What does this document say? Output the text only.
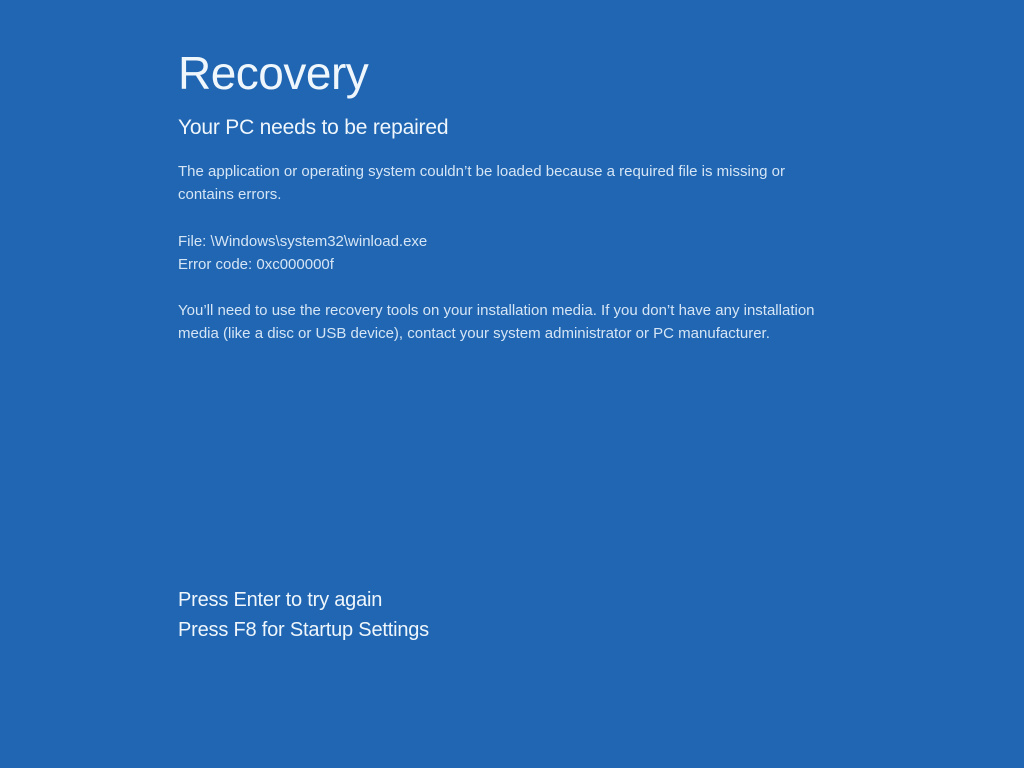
Recovery
Your PC needs to be repaired

The application or operating system couldn’t be loaded because a required file is missing or
contains errors.

File: \Windows\system32\winload.exe
Error code: 0xc000000f

You’ll need to use the recovery tools on your installation media. If you don’t have any installation
media (like a disc or USB device), contact your system administrator or PC manufacturer.

Press Enter to try again
Press F8 for Startup Settings
